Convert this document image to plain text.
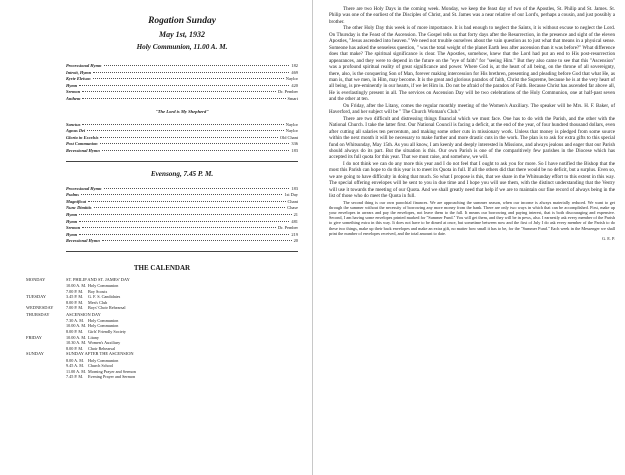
Rogation Sunday
May 1st, 1932
Holy Communion, 11.00 A. M.
Processional Hymn	182
Introit, Hymn	469
Kyrie Eleison	Naylor
Hymn	420
Sermon	Dr. Pember
Anthem	Smart
"The Lord is My Shepherd"
Sanctus	Naylor
Agnus Dei	Naylor
Gloria in Excelsis	Old Chant
Post Communion	336
Recessional Hymn	183
Evensong, 7.45 P. M.
Processional Hymn	183
Psalms	1st Day
Magnificat	Chant
Nunc Dimittis	Chase
Hymn	21
Hymn	481
Sermon	Dr. Pember
Hymn	219
Recessional Hymn	20
THE CALENDAR
MONDAY	ST. PHILIP AND ST. JAMES' DAY
10.00 A. M. Holy Communion
7.00 P. M.	Boy Scouts
TUESDAY	3.45 P. M.	G. F. S. Candidates
8.00 P. M.	Men's Club
WEDNESDAY	7.00 P. M.	Boys' Choir Rehearsal
THURSDAY	ASCENSION DAY
7.30 A. M. Holy Communion
10.00 A. M. Holy Communion
8.00 P. M.	Girls' Friendly Society
FRIDAY	10.00 A. M. Litany
10.30 A. M. Women's Auxiliary
8.00 P. M.	Choir Rehearsal
SUNDAY	SUNDAY AFTER THE ASCENSION
8.00 A. M. Holy Communion
9.45 A. M. Church School
11.00 A. M. Morning Prayer and Sermon
7.45 P. M.	Evening Prayer and Sermon

There are two Holy Days in the coming week. Monday, we keep the feast day of two of the Apostles, St. Philip and St. James. St. Philip was one of the earliest of the Disciples of Christ, and St. James was a near relative of our Lord's, perhaps a cousin, and just possibly a brother.

The other Holy Day this week is of more importance. It is bad enough to neglect the Saints, it is without excuse to neglect the Lord. On Thursday is the Feast of the Ascension. The Gospel tells us that forty days after the Resurrection, in the presence and sight of the eleven Apostles, "Jesus ascended into heaven." We need not trouble ourselves about the vain question as to just what that means in a physical sense. Someone has asked the senseless question, " was the total weight of the planet Earth less after ascension than it was before?" What difference does that make? The spiritual significance is clear. The Apostles, somehow, knew that the Lord had put an end to His post-resurrection appearances, and they were to depend in the future on the "eye of faith" for "seeing Him." But they also came to see that this "Ascension" was a profound spiritual reality of great significance and power. Where God is, at the heart of all being, on the throne of all sovereignty, there, also, is the conquering Son of Man, forever making intercession for His brethren, presenting and pleading before God that what He, as man is, that we men, in Him, may become. It is the great and glorious paradox of faith, Christ the Supreme, because he is at the very heart of all being, is pre-eminently in our hearts, if we let Him in. Do not be afraid of the paradox of Faith. Because Christ has ascended far above all, He is everlastingly present in all. The services on Ascension Day will be two celebrations of the Holy Communion, one at half-past seven and the other at ten.

On Friday, after the Litany, comes the regular monthly meeting of the Women's Auxiliary. The speaker will be Mrs. H. F. Baker, of Haverford, and her subject will be " The Church Woman's Club."

There are two difficult and distressing things financial which we must face. One has to do with the Parish, and the other with the National Church. I take the latter first. Our National Council is facing a deficit, at the end of the year, of four hundred thousand dollars, even after cutting all salaries ten percentum, and making some other cuts in missionary work. Unless that money is pledged from some source within the next month it will be necessary to make further and more drastic cuts in the work. The plan is to ask for extra gifts to this special fund on Whitsunday, May 15th. As you all know, I am keenly and deeply interested in Missions, and always jealous and eager that our Parish should always do its part. But the situation is this. Our own Parish is one of the comparitively few parishes in the Diocese which has accepted its full quota for this year. That we must raise, and somehow, we will.

I do not think we can do any more this year and I do not feel that I ought to ask you for more. So I have notified the Bishop that the most this Parish can hope to do this year is to meet its Quota in full. If all the others did that there would be no deficit, but a surplus. Even so, we are going to have difficulty in doing that much. So what I propose is this, that we share in the Whitsunday effort to this extent in this way. The special offering envelopes will be sent to you in due time and I hope you will use them, with the distinct understanding that the Vestry will use it towards the meeting of our Quota. And we shall greatly need that help if we are to maintain our fine record of always being in the list of those who do meet the Quota in full.

The second thing is our own parochial finances. We are approaching the summer season, when our income is always materially reduced. We want to get through the summer without the necessity of borrowing any more money from the bank. There are only two ways in which that can be accomplished. First, make up your envelopes in arrears and pay the envelopes, not leave them to the fall. It means our borrowing and paying interest, that is both discouraging and expensive. Second, I am having some envelopes printed marked for "Summer Fund." You will get them, and they will be in pews, also. I earnestly ask every member of the Parish to give something extra in this way. It does not have to be dimed at once, but sometime between now and the first of July I do ask every member of the Parish to do these two things, make up their back envelopes and make an extra gift, no matter how small it has to be, for the "Summer Fund." Each week in the Messenger we shall print the number of envelopes received, and the total amount to date.

G. E. P.
